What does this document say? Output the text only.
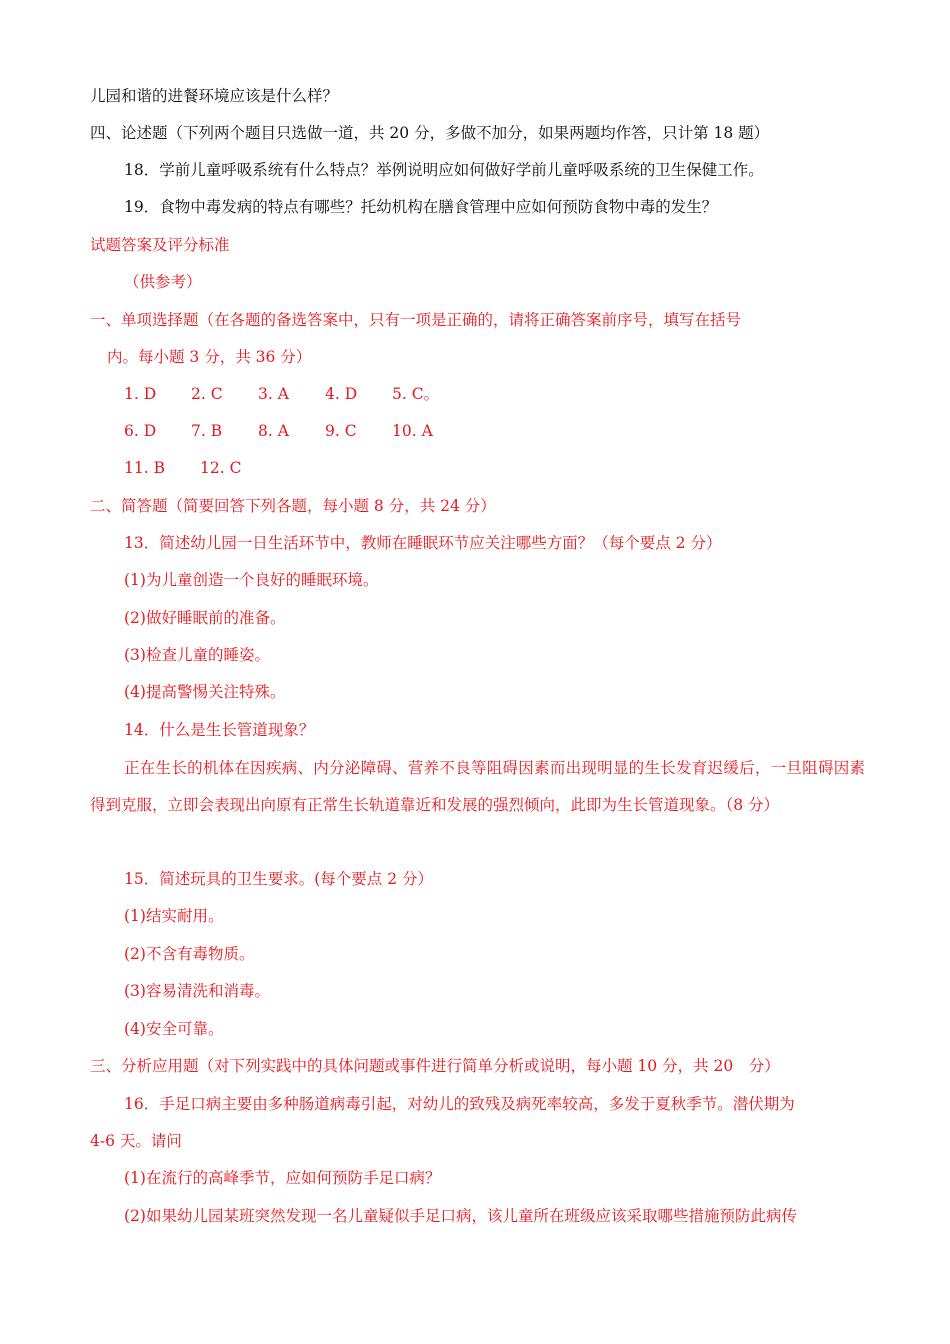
儿园和谐的进餐环境应该是什么样？
四、论述题（下列两个题目只选做一道，共 20 分，多做不加分，如果两题均作答，只计第 18 题）
18．学前儿童呼吸系统有什么特点？举例说明应如何做好学前儿童呼吸系统的卫生保健工作。
19．食物中毒发病的特点有哪些？托幼机构在膳食管理中应如何预防食物中毒的发生？
试题答案及评分标准
（供参考）
一、单项选择题（在各题的备选答案中，只有一项是正确的，请将正确答案前序号，填写在括号
内。每小题 3 分，共 36 分）
1. D 2. C 3. A 4. D 5. C。
6. D 7. B 8. A 9. C 10. A
11. B 12. C
二、简答题（简要回答下列各题，每小题 8 分，共 24 分）
13．简述幼儿园一日生活环节中，教师在睡眠环节应关注哪些方面？（每个要点 2 分）
(1)为儿童创造一个良好的睡眠环境。
(2)做好睡眠前的准备。
(3)检查儿童的睡姿。
(4)提高警惕关注特殊。
14．什么是生长管道现象？
正在生长的机体在因疾病、内分泌障碍、营养不良等阻碍因素而出现明显的生长发育迟缓后，一旦阻碍因素得到克服，立即会表现出向原有正常生长轨道靠近和发展的强烈倾向，此即为生长管道现象。（8 分）
15．简述玩具的卫生要求。(每个要点 2 分）
(1)结实耐用。
(2)不含有毒物质。
(3)容易清洗和消毒。
(4)安全可靠。
三、分析应用题（对下列实践中的具体问题或事件进行简单分析或说明，每小题 10 分，共 20　分）
16．手足口病主要由多种肠道病毒引起，对幼儿的致残及病死率较高，多发于夏秋季节。潜伏期为
4-6 天。请问
(1)在流行的高峰季节，应如何预防手足口病？
(2)如果幼儿园某班突然发现一名儿童疑似手足口病，该儿童所在班级应该采取哪些措施预防此病传
